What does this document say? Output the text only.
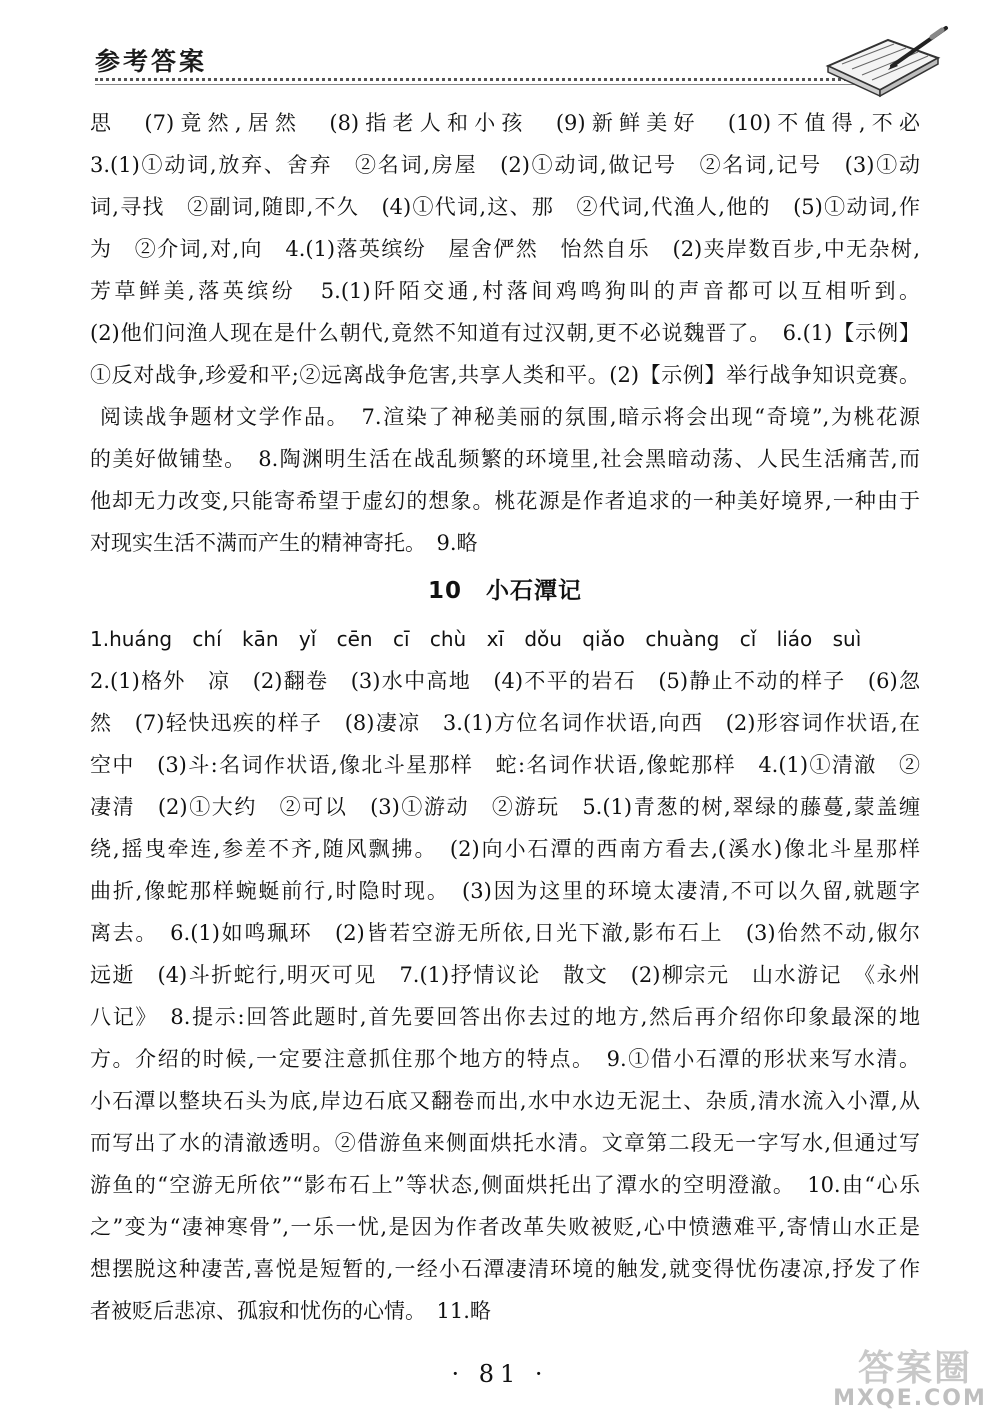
参考答案
思　(7)竟然,居然　(8)指老人和小孩　(9)新鲜美好　(10)不值得,不必
3.(1)①动词,放弃、舍弃　②名词,房屋　(2)①动词,做记号　②名词,记号　(3)①动
词,寻找　②副词,随即,不久　(4)①代词,这、那　②代词,代渔人,他的　(5)①动词,作
为　②介词,对,向　4.(1)落英缤纷　屋舍俨然　怡然自乐　(2)夹岸数百步,中无杂树,
芳草鲜美,落英缤纷　5.(1)阡陌交通,村落间鸡鸣狗叫的声音都可以互相听到。
(2)他们问渔人现在是什么朝代,竟然不知道有过汉朝,更不必说魏晋了。　6.(1)【示例】
①反对战争,珍爱和平;②远离战争危害,共享人类和平。(2)【示例】举行战争知识竞赛。
阅读战争题材文学作品。　7.渲染了神秘美丽的氛围,暗示将会出现“奇境”,为桃花源
的美好做铺垫。　8.陶渊明生活在战乱频繁的环境里,社会黑暗动荡、人民生活痛苦,而
他却无力改变,只能寄希望于虚幻的想象。桃花源是作者追求的一种美好境界,一种由于
对现实生活不满而产生的精神寄托。　9.略
10　小石潭记
1.huáng chí kān yǐ cēn cī chù xī dǒu qiǎo chuàng cǐ liáo suì
2.(1)格外　凉　(2)翻卷　(3)水中高地　(4)不平的岩石　(5)静止不动的样子　(6)忽
然　(7)轻快迅疾的样子　(8)凄凉　3.(1)方位名词作状语,向西　(2)形容词作状语,在
空中　(3)斗:名词作状语,像北斗星那样　蛇:名词作状语,像蛇那样　4.(1)①清澈　②
凄清　(2)①大约　②可以　(3)①游动　②游玩　5.(1)青葱的树,翠绿的藤蔓,蒙盖缠
绕,摇曳牵连,参差不齐,随风飘拂。　(2)向小石潭的西南方看去,(溪水)像北斗星那样
曲折,像蛇那样蜿蜒前行,时隐时现。　(3)因为这里的环境太凄清,不可以久留,就题字
离去。　6.(1)如鸣珮环　(2)皆若空游无所依,日光下澈,影布石上　(3)佁然不动,俶尔
远逝　(4)斗折蛇行,明灭可见　7.(1)抒情议论　散文　(2)柳宗元　山水游记　《永州
八记》　8.提示:回答此题时,首先要回答出你去过的地方,然后再介绍你印象最深的地
方。介绍的时候,一定要注意抓住那个地方的特点。　9.①借小石潭的形状来写水清。
小石潭以整块石头为底,岸边石底又翻卷而出,水中水边无泥土、杂质,清水流入小潭,从
而写出了水的清澈透明。②借游鱼来侧面烘托水清。文章第二段无一字写水,但通过写
游鱼的“空游无所依”“影布石上”等状态,侧面烘托出了潭水的空明澄澈。　10.由“心乐
之”变为“凄神寒骨”,一乐一忧,是因为作者改革失败被贬,心中愤懑难平,寄情山水正是
想摆脱这种凄苦,喜悦是短暂的,一经小石潭凄清环境的触发,就变得忧伤凄凉,抒发了作
者被贬后悲凉、孤寂和忧伤的心情。　11.略
· 81 ·	答案圈
MXQE.COM
